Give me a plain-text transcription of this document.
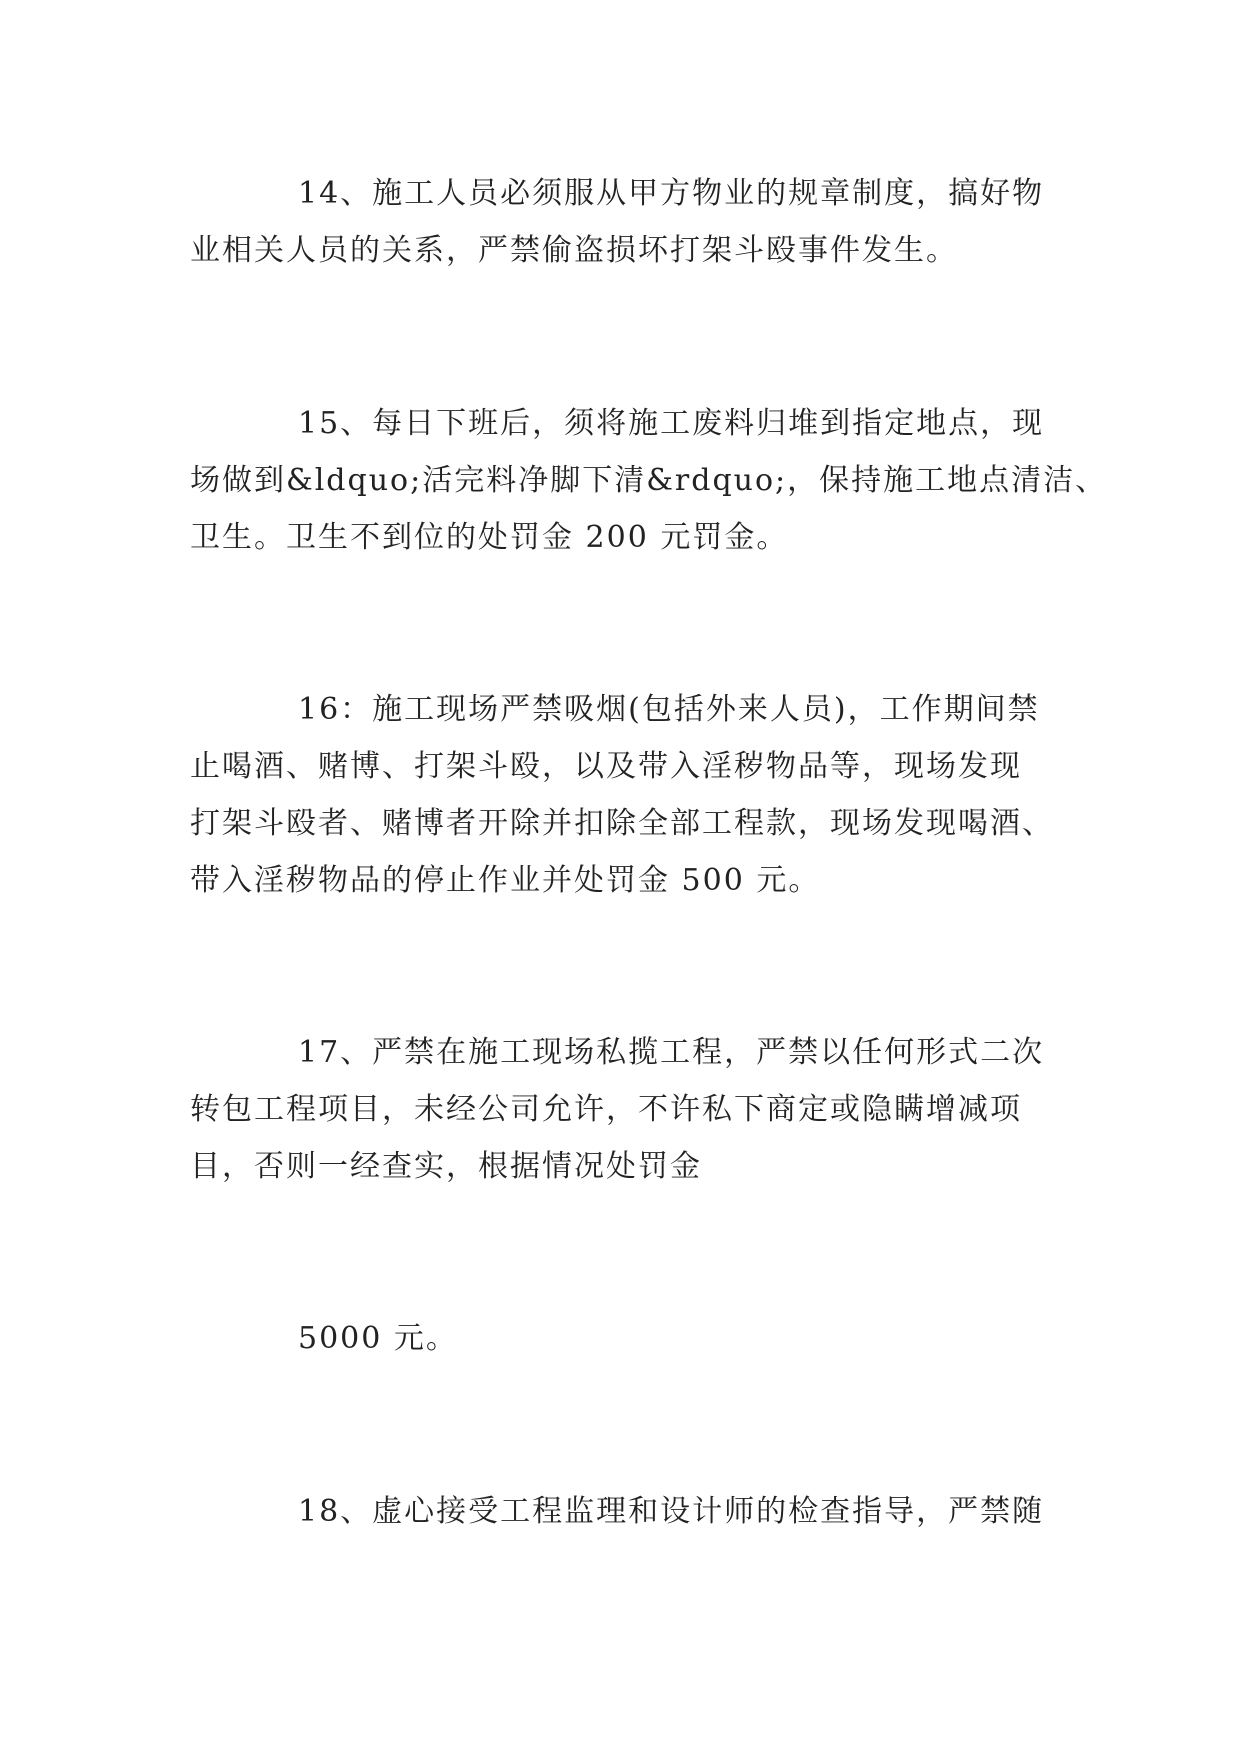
14、施工人员必须服从甲方物业的规章制度，搞好物
业相关人员的关系，严禁偷盗损坏打架斗殴事件发生。
15、每日下班后，须将施工废料归堆到指定地点，现
场做到&ldquo;活完料净脚下清&rdquo;，保持施工地点清洁、
卫生。卫生不到位的处罚金 200 元罚金。
16：施工现场严禁吸烟(包括外来人员)，工作期间禁
止喝酒、赌博、打架斗殴，以及带入淫秽物品等，现场发现
打架斗殴者、赌博者开除并扣除全部工程款，现场发现喝酒、
带入淫秽物品的停止作业并处罚金 500 元。
17、严禁在施工现场私揽工程，严禁以任何形式二次
转包工程项目，未经公司允许，不许私下商定或隐瞒增减项
目，否则一经查实，根据情况处罚金
5000 元。
18、虚心接受工程监理和设计师的检查指导，严禁随
